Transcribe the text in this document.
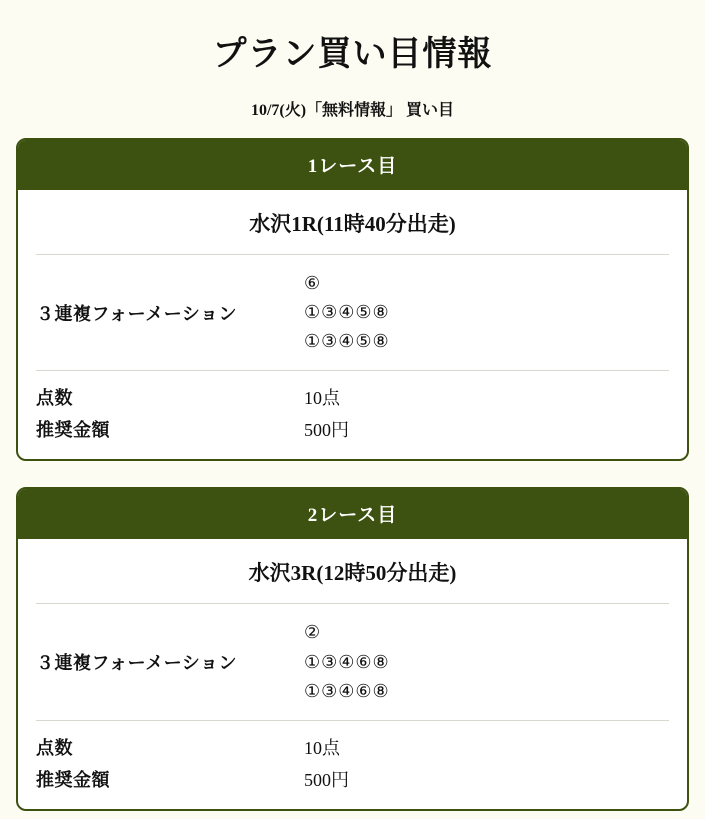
プラン買い目情報
10/7(火)「無料情報」 買い目
1レース目
水沢1R(11時40分出走)
３連複フォーメーション
⑥
①③④⑤⑧
①③④⑤⑧
点数	10点
推奨金額	500円
2レース目
水沢3R(12時50分出走)
３連複フォーメーション
②
①③④⑥⑧
①③④⑥⑧
点数	10点
推奨金額	500円
